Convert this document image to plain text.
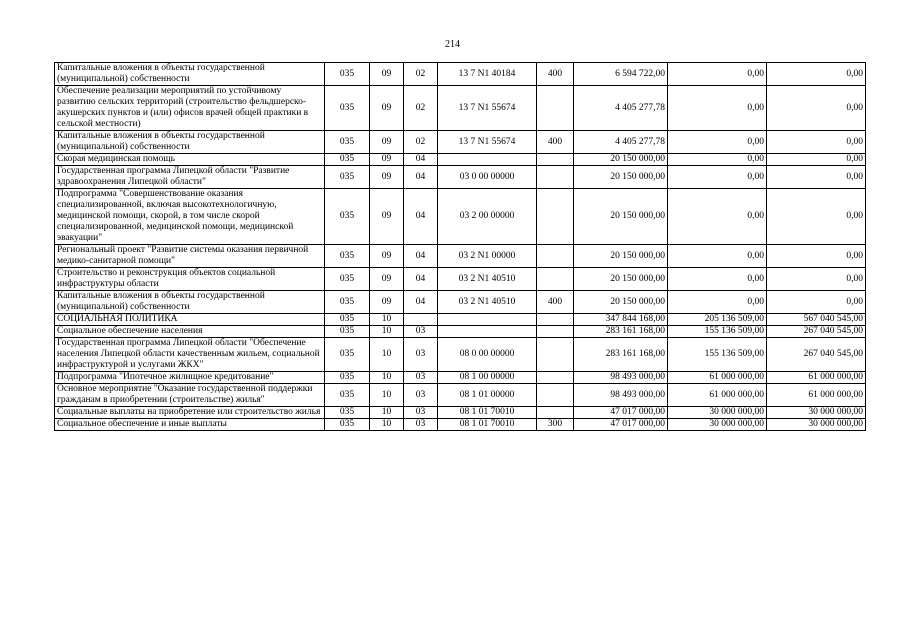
214
Капитальные вложения в объекты государственной (муниципальной) собственности	035	09	02	13 7 N1 40184	400	6 594 722,00	0,00	0,00
Обеспечение реализации мероприятий по устойчивому развитию сельских территорий (строительство фельдшерско-акушерских пунктов и (или) офисов врачей общей практики в сельской местности)	035	09	02	13 7 N1 55674		4 405 277,78	0,00	0,00
Капитальные вложения в объекты государственной (муниципальной) собственности	035	09	02	13 7 N1 55674	400	4 405 277,78	0,00	0,00
Скорая медицинская помощь	035	09	04			20 150 000,00	0,00	0,00
Государственная программа Липецкой области "Развитие здравоохранения Липецкой области"	035	09	04	03 0 00 00000		20 150 000,00	0,00	0,00
Подпрограмма "Совершенствование оказания специализированной, включая высокотехнологичную, медицинской помощи, скорой, в том числе скорой специализированной, медицинской помощи, медицинской эвакуации"	035	09	04	03 2 00 00000		20 150 000,00	0,00	0,00
Региональный проект "Развитие системы оказания первичной медико-санитарной помощи"	035	09	04	03 2 N1 00000		20 150 000,00	0,00	0,00
Строительство и реконструкция объектов социальной инфраструктуры области	035	09	04	03 2 N1 40510		20 150 000,00	0,00	0,00
Капитальные вложения в объекты государственной (муниципальной) собственности	035	09	04	03 2 N1 40510	400	20 150 000,00	0,00	0,00
СОЦИАЛЬНАЯ ПОЛИТИКА	035	10				347 844 168,00	205 136 509,00	567 040 545,00
Социальное обеспечение населения	035	10	03			283 161 168,00	155 136 509,00	267 040 545,00
Государственная программа Липецкой области "Обеспечение населения Липецкой области качественным жильем, социальной инфраструктурой и услугами ЖКХ"	035	10	03	08 0 00 00000		283 161 168,00	155 136 509,00	267 040 545,00
Подпрограмма "Ипотечное жилищное кредитование"	035	10	03	08 1 00 00000		98 493 000,00	61 000 000,00	61 000 000,00
Основное мероприятие "Оказание государственной поддержки гражданам в приобретении (строительстве) жилья"	035	10	03	08 1 01 00000		98 493 000,00	61 000 000,00	61 000 000,00
Социальные выплаты на приобретение или строительство жилья	035	10	03	08 1 01 70010		47 017 000,00	30 000 000,00	30 000 000,00
Социальное обеспечение и иные выплаты	035	10	03	08 1 01 70010	300	47 017 000,00	30 000 000,00	30 000 000,00
